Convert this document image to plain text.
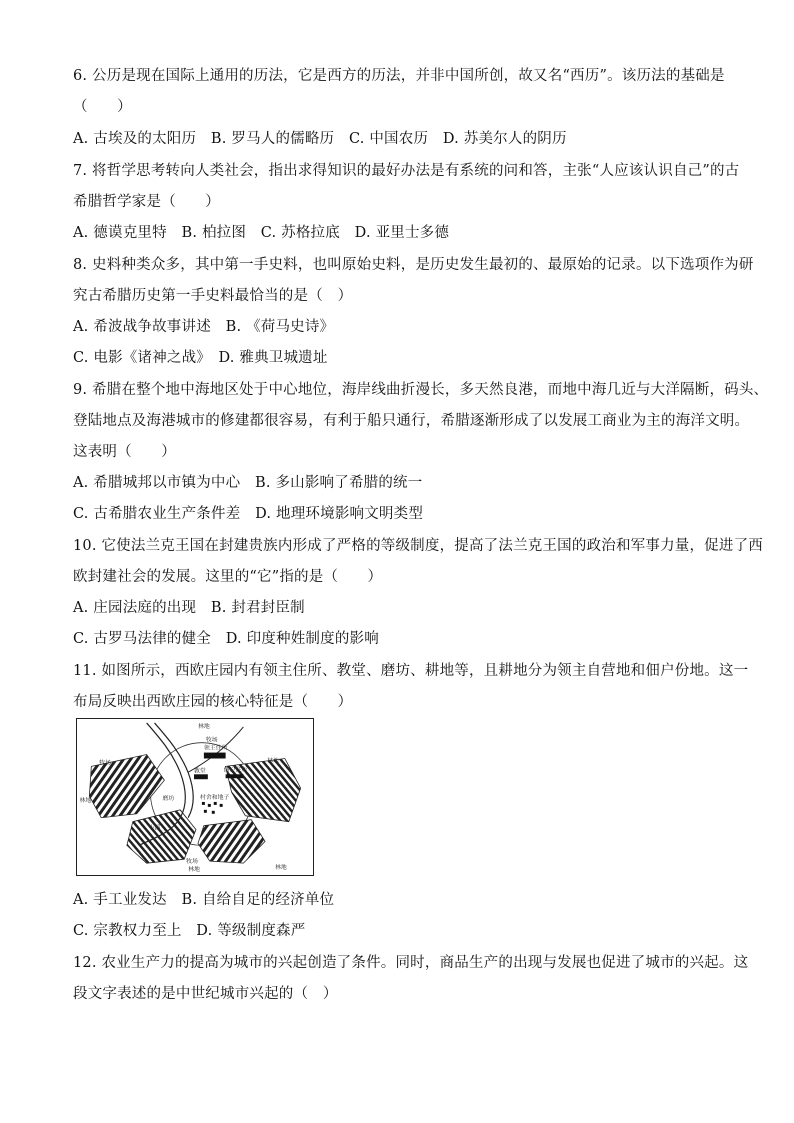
6. 公历是现在国际上通用的历法，它是西方的历法，并非中国所创，故又名“西历”。该历法的基础是
（　　）
A. 古埃及的太阳历　B. 罗马人的儒略历　C. 中国农历　D. 苏美尔人的阴历
7. 将哲学思考转向人类社会，指出求得知识的最好办法是有系统的问和答，主张“人应该认识自己”的古
希腊哲学家是（　　）
A. 德谟克里特　B. 柏拉图　C. 苏格拉底　D. 亚里士多德
8. 史料种类众多，其中第一手史料，也叫原始史料，是历史发生最初的、最原始的记录。以下选项作为研
究古希腊历史第一手史料最恰当的是（　）
A. 希波战争故事讲述　B. 《荷马史诗》
C. 电影《诸神之战》　D. 雅典卫城遗址
9. 希腊在整个地中海地区处于中心地位，海岸线曲折漫长，多天然良港，而地中海几近与大洋隔断，码头、
登陆地点及海港城市的修建都很容易，有利于船只通行，希腊逐渐形成了以发展工商业为主的海洋文明。
这表明（　　）
A. 希腊城邦以市镇为中心　B. 多山影响了希腊的统一
C. 古希腊农业生产条件差　D. 地理环境影响文明类型
10. 它使法兰克王国在封建贵族内形成了严格的等级制度，提高了法兰克王国的政治和军事力量，促进了西
欧封建社会的发展。这里的“它”指的是（　　）
A. 庄园法庭的出现　B. 封君封臣制
C. 古罗马法律的健全　D. 印度种姓制度的影响
11. 如图所示，西欧庄园内有领主住所、教堂、磨坊、耕地等，且耕地分为领主自营地和佃户份地。这一
布局反映出西欧庄园的核心特征是（　　）
林地
林地
林地
林地
林地
牧场
牧场
牧场
领主住所
教堂	佃户住所
磨坊	村舍和地子
小溪
A. 手工业发达　B. 自给自足的经济单位
C. 宗教权力至上　D. 等级制度森严
12. 农业生产力的提高为城市的兴起创造了条件。同时，商品生产的出现与发展也促进了城市的兴起。这
段文字表述的是中世纪城市兴起的（　）
